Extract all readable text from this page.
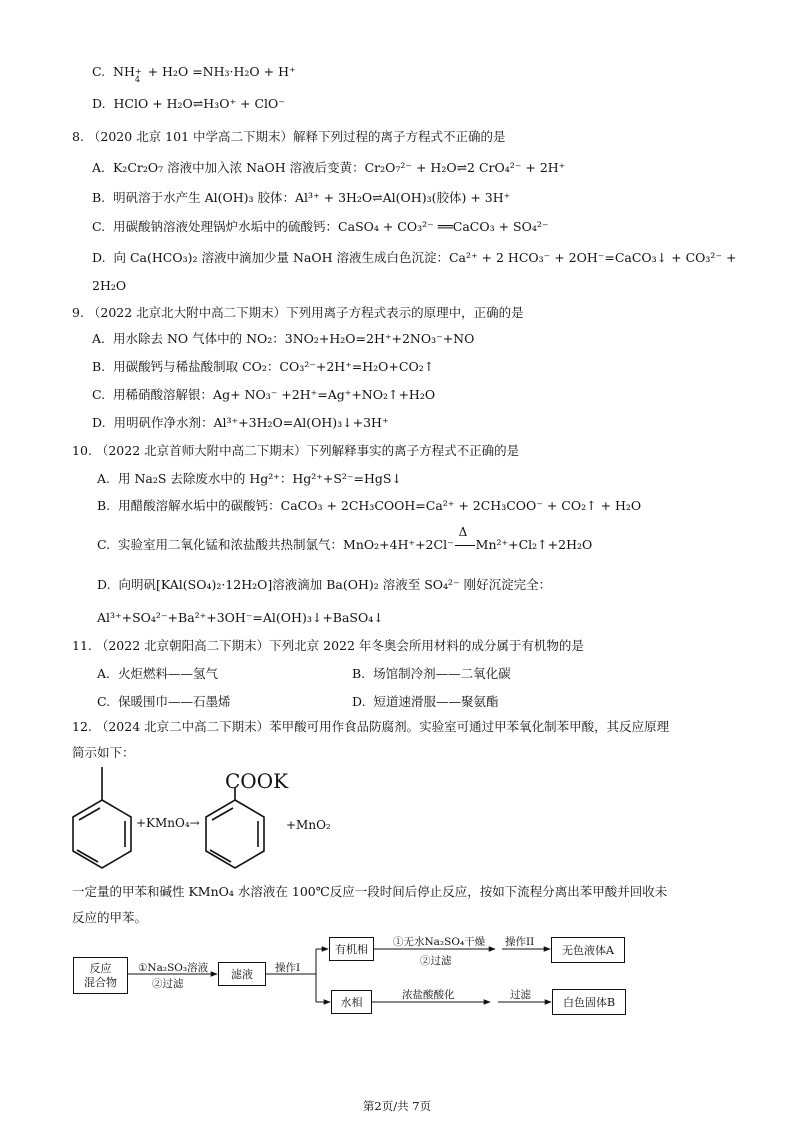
C. NH +
4
+ H₂O =NH₃·H₂O + H⁺
D. HClO + H₂O⇌H₃O⁺ + ClO⁻
8. （2020 北京 101 中学高二下期末）解释下列过程的离子方程式不正确的是
A. K₂Cr₂O₇ 溶液中加入浓 NaOH 溶液后变黄：Cr₂O₇²⁻ + H₂O⇌2 CrO₄²⁻ + 2H⁺
B. 明矾溶于水产生 Al(OH)₃ 胶体：Al³⁺ + 3H₂O⇌Al(OH)₃(胶体) + 3H⁺
C. 用碳酸钠溶液处理锅炉水垢中的硫酸钙：CaSO₄ + CO₃²⁻ ══CaCO₃ + SO₄²⁻
D. 向 Ca(HCO₃)₂ 溶液中滴加少量 NaOH 溶液生成白色沉淀：Ca²⁺ + 2 HCO₃⁻ + 2OH⁻=CaCO₃↓ + CO₃²⁻ +
2H₂O
9. （2022 北京北大附中高二下期末）下列用离子方程式表示的原理中，正确的是
A. 用水除去 NO 气体中的 NO₂：3NO₂+H₂O=2H⁺+2NO₃⁻+NO
B. 用碳酸钙与稀盐酸制取 CO₂：CO₃²⁻+2H⁺=H₂O+CO₂↑
C. 用稀硝酸溶解银：Ag+ NO₃⁻ +2H⁺=Ag⁺+NO₂↑+H₂O
D. 用明矾作净水剂：Al³⁺+3H₂O=Al(OH)₃↓+3H⁺
10. （2022 北京首师大附中高二下期末）下列解释事实的离子方程式不正确的是
A. 用 Na₂S 去除废水中的 Hg²⁺：Hg²⁺+S²⁻=HgS↓
B. 用醋酸溶解水垢中的碳酸钙：CaCO₃ + 2CH₃COOH=Ca²⁺ + 2CH₃COO⁻ + CO₂↑ + H₂O
C. 实验室用二氧化锰和浓盐酸共热制氯气：MnO₂+4H⁺+2Cl⁻
Δ
Mn²⁺+Cl₂↑+2H₂O
D. 向明矾[KAl(SO₄)₂·12H₂O]溶液滴加 Ba(OH)₂ 溶液至 SO₄²⁻ 刚好沉淀完全：
Al³⁺+SO₄²⁻+Ba²⁺+3OH⁻=Al(OH)₃↓+BaSO₄↓
11. （2022 北京朝阳高二下期末）下列北京 2022 年冬奥会所用材料的成分属于有机物的是
A. 火炬燃料——氢气	B. 场馆制冷剂——二氧化碳
C. 保暖围巾——石墨烯	D. 短道速滑服——聚氨酯
12. （2024 北京二中高二下期末）苯甲酸可用作食品防腐剂。实验室可通过甲苯氧化制苯甲酸，其反应原理
简示如下：
+KMnO₄→
COOK
+MnO₂
一定量的甲苯和碱性 KMnO₄ 水溶液在 100℃反应一段时间后停止反应，按如下流程分离出苯甲酸并回收未
反应的甲苯。
反应
混合物
①Na₂SO₃溶液
②过滤
滤液	操作I
有机相
①无水Na₂SO₄干燥
②过滤
操作II
无色液体A
水相
浓盐酸酸化	过滤
白色固体B
第2页/共 7页
